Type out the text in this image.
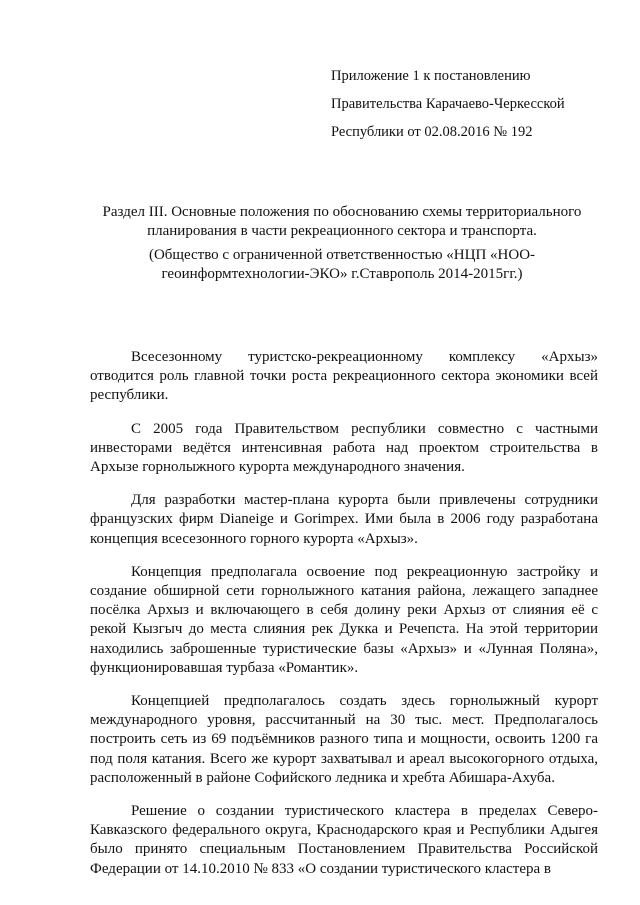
Приложение 1 к постановлению
Правительства Карачаево-Черкесской
Республики от 02.08.2016 № 192
Раздел III. Основные положения по обоснованию схемы территориального планирования в части рекреационного сектора и транспорта.
(Общество с ограниченной ответственностью «НЦП «НОО-геоинформтехнологии-ЭКО» г.Ставрополь 2014-2015гг.)

Всесезонному туристско-рекреационному комплексу «Архыз» отводится роль главной точки роста рекреационного сектора экономики всей республики.

С 2005 года Правительством республики совместно с частными инвесторами ведётся интенсивная работа над проектом строительства в Архызе горнолыжного курорта международного значения.

Для разработки мастер-плана курорта были привлечены сотрудники французских фирм Dianeige и Gorimpex. Ими была в 2006 году разработана концепция всесезонного горного курорта «Архыз».

Концепция предполагала освоение под рекреационную застройку и создание обширной сети горнолыжного катания района, лежащего западнее посёлка Архыз и включающего в себя долину реки Архыз от слияния её с рекой Кызгыч до места слияния рек Дукка и Речепста. На этой территории находились заброшенные туристические базы «Архыз» и «Лунная Поляна», функционировавшая турбаза «Романтик».

Концепцией предполагалось создать здесь горнолыжный курорт международного уровня, рассчитанный на 30 тыс. мест. Предполагалось построить сеть из 69 подъёмников разного типа и мощности, освоить 1200 га под поля катания. Всего же курорт захватывал и ареал высокогорного отдыха, расположенный в районе Софийского ледника и хребта Абишара-Ахуба.

Решение о создании туристического кластера в пределах Северо-Кавказского федерального округа, Краснодарского края и Республики Адыгея было принято специальным Постановлением Правительства Российской Федерации от 14.10.2010 № 833 «О создании туристического кластера в
